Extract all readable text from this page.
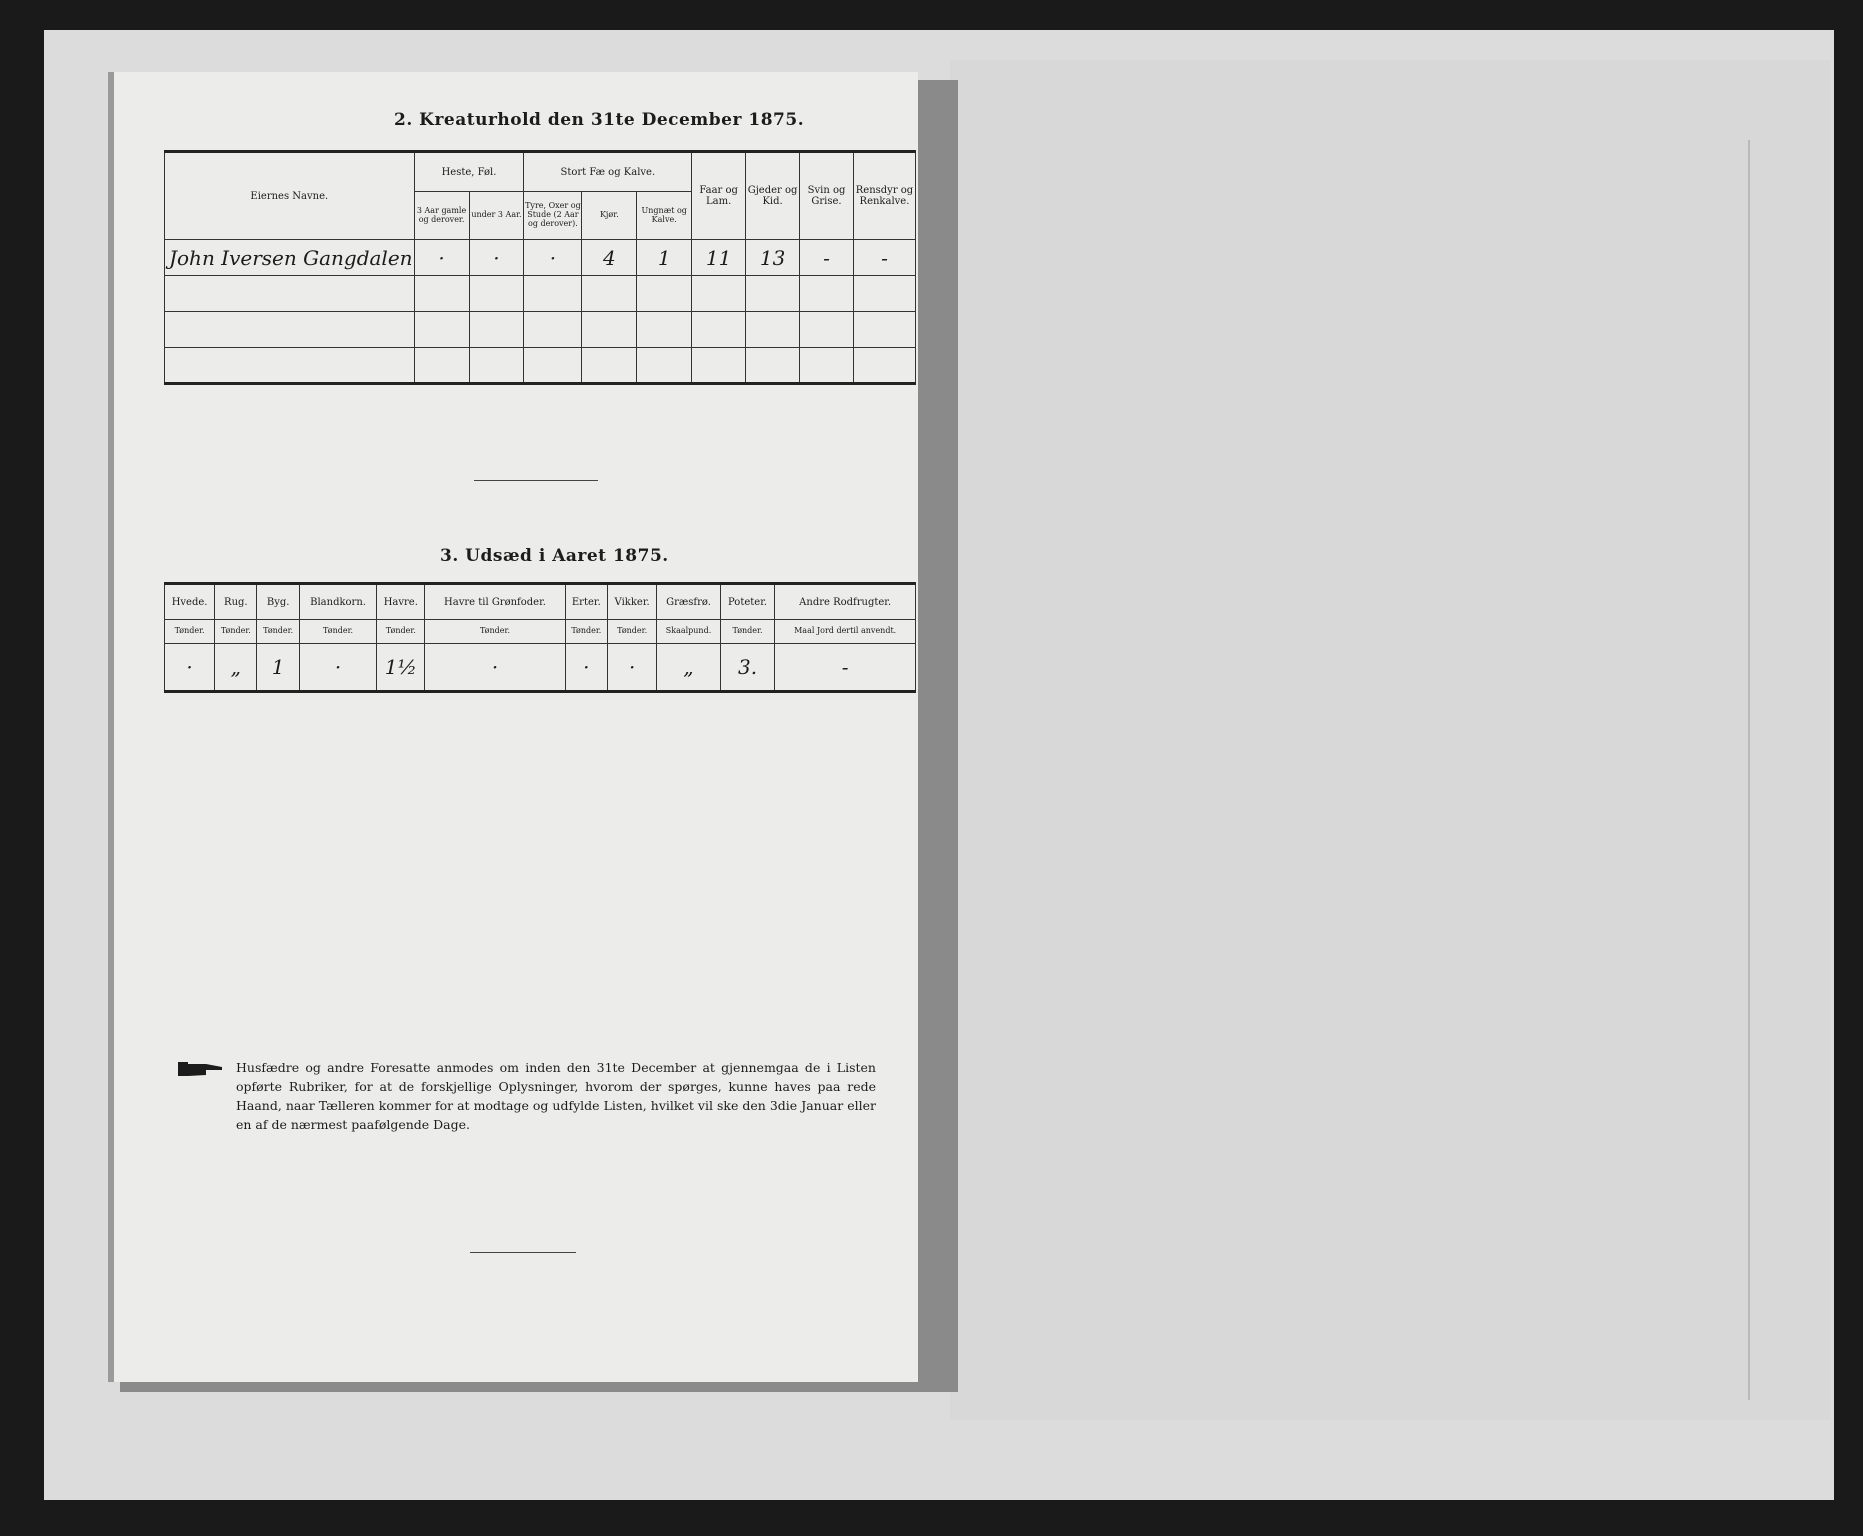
2. Kreaturhold den 31te December 1875.
Eiernes Navne.	Heste, Føl.		Stort Fæ og Kalve.			Faar og Lam.	Gjeder og Kid.	Svin og Grise.	Rensdyr og Renkalve.
	3 Aar gamle og derover.	under 3 Aar.	Tyre, Oxer og Stude (2 Aar og derover).	Kjør.	Ungnæt og Kalve.				
John Iversen Gangdalen	·	·	·	4	1	11	13	-	-

3. Udsæd i Aaret 1875.
Hvede.	Rug.	Byg.	Blandkorn.	Havre.	Havre til Grønfoder.	Erter.	Vikker.	Græsfrø.	Poteter.	Andre Rodfrugter.
Tønder.	Tønder.	Tønder.	Tønder.	Tønder.	Tønder.	Tønder.	Tønder.	Skaalpund.	Tønder.	Maal Jord dertil anvendt.
·	„	1	·	1½	·	·	·	„	3.	-
Husfædre og andre Foresatte anmodes om inden den 31te December at gjennemgaa de i Listen opførte Rubriker, for at de forskjellige Oplysninger, hvorom der spørges, kunne haves paa rede Haand, naar Tælleren kommer for at modtage og udfylde Listen, hvilket vil ske den 3die Januar eller en af de nærmest paafølgende Dage.
